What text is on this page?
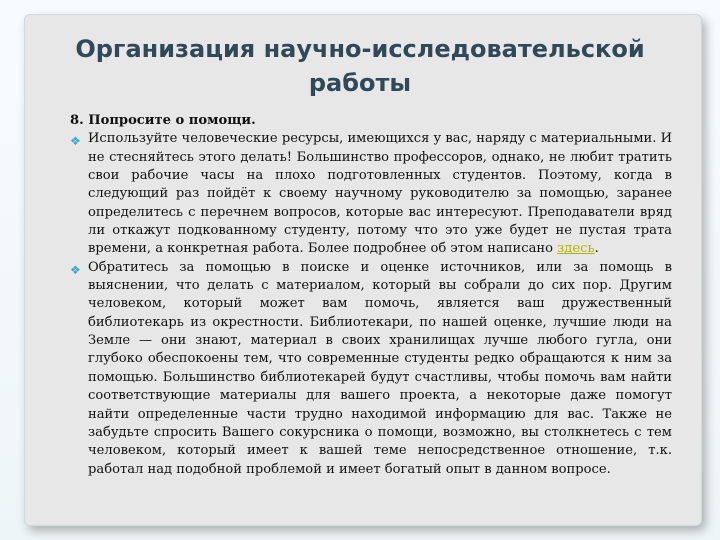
Организация научно-исследовательской
работы

8. Попросите о помощи.

❖ Используйте человеческие ресурсы, имеющихся у вас, наряду с материальными. И не стесняйтесь этого делать! Большинство профессоров, однако, не любит тратить свои рабочие часы на плохо подготовленных студентов. Поэтому, когда в следующий раз пойдёт к своему научному руководителю за помощью, заранее определитесь с перечнем вопросов, которые вас интересуют. Преподаватели вряд ли откажут подкованному студенту, потому что это уже будет не пустая трата времени, а конкретная работа. Более подробнее об этом написано здесь.

❖ Обратитесь за помощью в поиске и оценке источников, или за помощь в выяснении, что делать с материалом, который вы собрали до сих пор. Другим человеком, который может вам помочь, является ваш дружественный библиотекарь из окрестности. Библиотекари, по нашей оценке, лучшие люди на Земле — они знают, материал в своих хранилищах лучше любого гугла, они глубоко обеспокоены тем, что современные студенты редко обращаются к ним за помощью. Большинство библиотекарей будут счастливы, чтобы помочь вам найти соответствующие материалы для вашего проекта, а некоторые даже помогут найти определенные части трудно находимой информацию для вас. Также не забудьте спросить Вашего сокурсника о помощи, возможно, вы столкнетесь с тем человеком, который имеет к вашей теме непосредственное отношение, т.к. работал над подобной проблемой и имеет богатый опыт в данном вопросе.
